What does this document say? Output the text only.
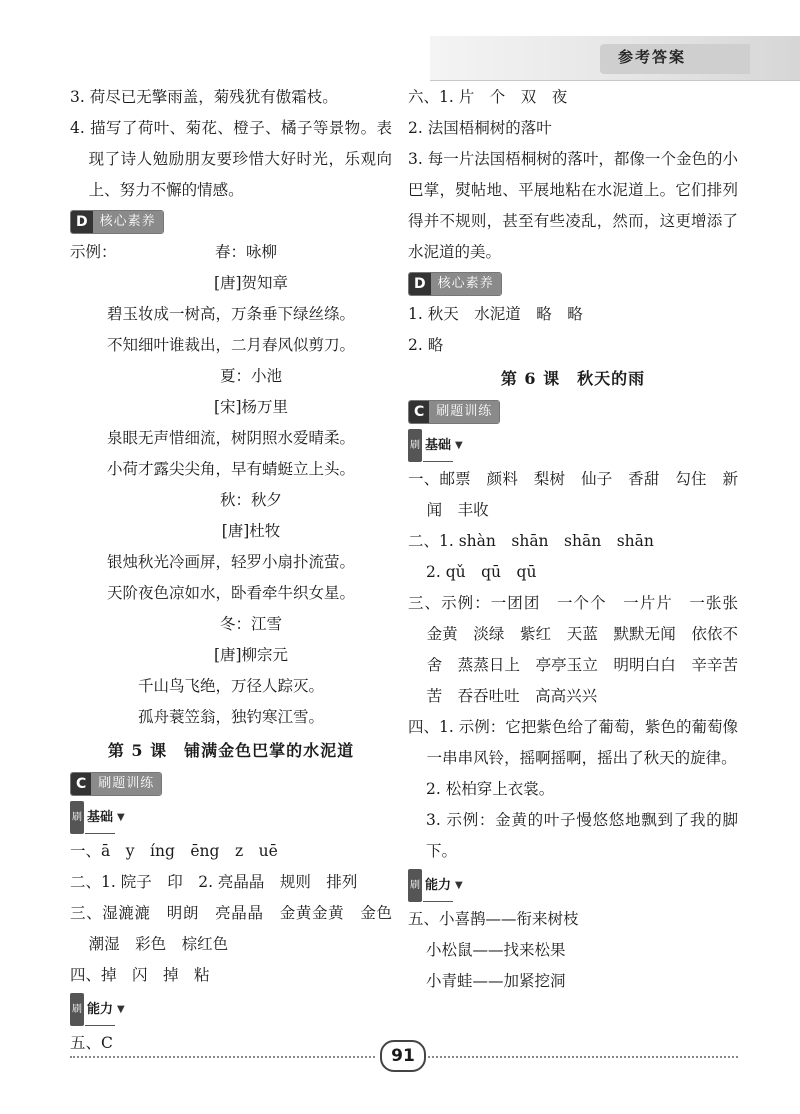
参考答案

3. 荷尽已无擎雨盖，菊残犹有傲霜枝。

4. 描写了荷叶、菊花、橙子、橘子等景物。表现了诗人勉励朋友要珍惜大好时光，乐观向上、努力不懈的情感。

D 核心素养
示例：	春：咏柳

[唐]贺知章

碧玉妆成一树高，万条垂下绿丝绦。

不知细叶谁裁出，二月春风似剪刀。

夏：小池

[宋]杨万里

泉眼无声惜细流，树阴照水爱晴柔。

小荷才露尖尖角，早有蜻蜓立上头。

秋：秋夕

[唐]杜牧

银烛秋光冷画屏，轻罗小扇扑流萤。

天阶夜色凉如水，卧看牵牛织女星。

冬：江雪

[唐]柳宗元

千山鸟飞绝，万径人踪灭。

孤舟蓑笠翁，独钓寒江雪。

第 5 课　铺满金色巴掌的水泥道
C 刷题训练
刷 基础 ▼

一、ā　y　íng　ēng　z　uē

二、1. 院子　印　2. 亮晶晶　规则　排列

三、湿漉漉　明朗　亮晶晶　金黄金黄　金色　潮湿　彩色　棕红色

四、掉　闪　掉　粘

刷 能力 ▼

五、C

六、1. 片　个　双　夜

2. 法国梧桐树的落叶

3. 每一片法国梧桐树的落叶，都像一个金色的小巴掌，熨帖地、平展地粘在水泥道上。它们排列得并不规则，甚至有些凌乱，然而，这更增添了水泥道的美。

D 核心素养

1. 秋天　水泥道　略　略

2. 略

第 6 课　秋天的雨
C 刷题训练
刷 基础 ▼

一、邮票　颜料　梨树　仙子　香甜　勾住　新闻　丰收

二、1. shàn　shān　shān　shān

2. qǔ　qū　qū

三、示例：一团团　一个个　一片片　一张张　金黄　淡绿　紫红　天蓝　默默无闻　依依不舍　蒸蒸日上　亭亭玉立　明明白白　辛辛苦苦　吞吞吐吐　高高兴兴

四、1. 示例：它把紫色给了葡萄，紫色的葡萄像一串串风铃，摇啊摇啊，摇出了秋天的旋律。

2. 松柏穿上衣裳。

3. 示例：金黄的叶子慢悠悠地飘到了我的脚下。

刷 能力 ▼

五、小喜鹊——衔来树枝

小松鼠——找来松果

小青蛙——加紧挖洞

91
